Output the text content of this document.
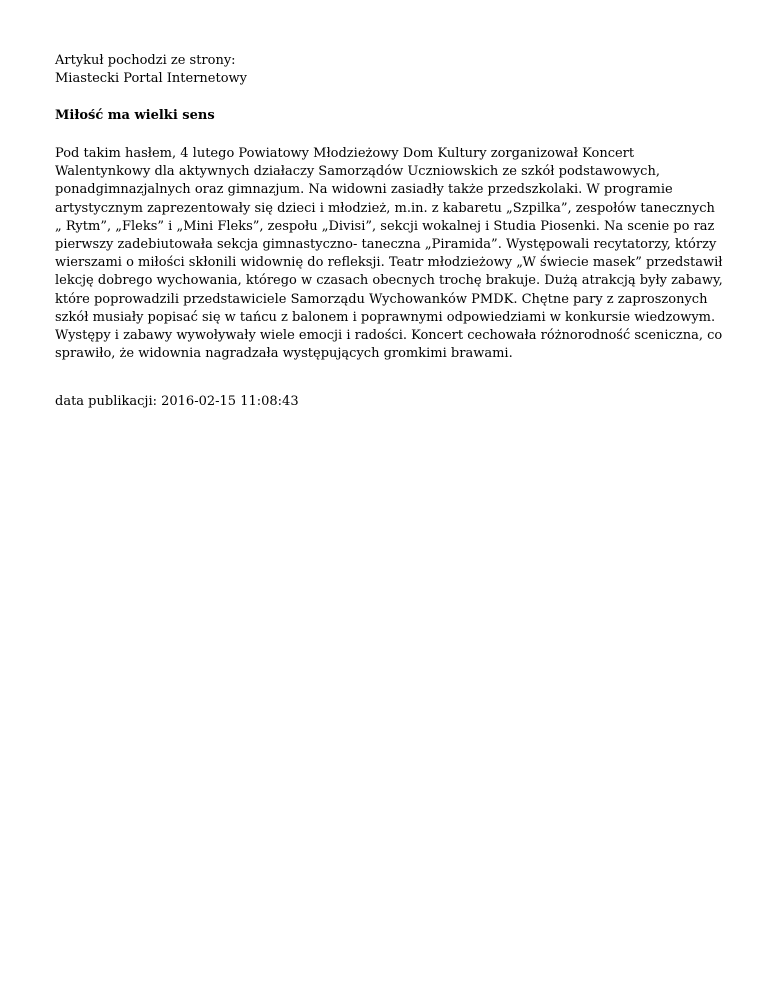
Artykuł pochodzi ze strony:
Miastecki Portal Internetowy
Miłość ma wielki sens
Pod takim hasłem, 4 lutego Powiatowy Młodzieżowy Dom Kultury zorganizował Koncert
Walentynkowy dla aktywnych działaczy Samorządów Uczniowskich ze szkół podstawowych,
ponadgimnazjalnych oraz gimnazjum. Na widowni zasiadły także przedszkolaki. W programie
artystycznym zaprezentowały się dzieci i młodzież, m.in. z kabaretu „Szpilka”, zespołów tanecznych
„ Rytm”, „Fleks” i „Mini Fleks”, zespołu „Divisi”, sekcji wokalnej i Studia Piosenki. Na scenie po raz
pierwszy zadebiutowała sekcja gimnastyczno- taneczna „Piramida”. Występowali recytatorzy, którzy
wierszami o miłości skłonili widownię do refleksji. Teatr młodzieżowy „W świecie masek” przedstawił
lekcję dobrego wychowania, którego w czasach obecnych trochę brakuje. Dużą atrakcją były zabawy,
które poprowadzili przedstawiciele Samorządu Wychowanków PMDK. Chętne pary z zaproszonych
szkół musiały popisać się w tańcu z balonem i poprawnymi odpowiedziami w konkursie wiedzowym.
Występy i zabawy wywoływały wiele emocji i radości. Koncert cechowała różnorodność sceniczna, co
sprawiło, że widownia nagradzała występujących gromkimi brawami.
data publikacji: 2016-02-15 11:08:43
